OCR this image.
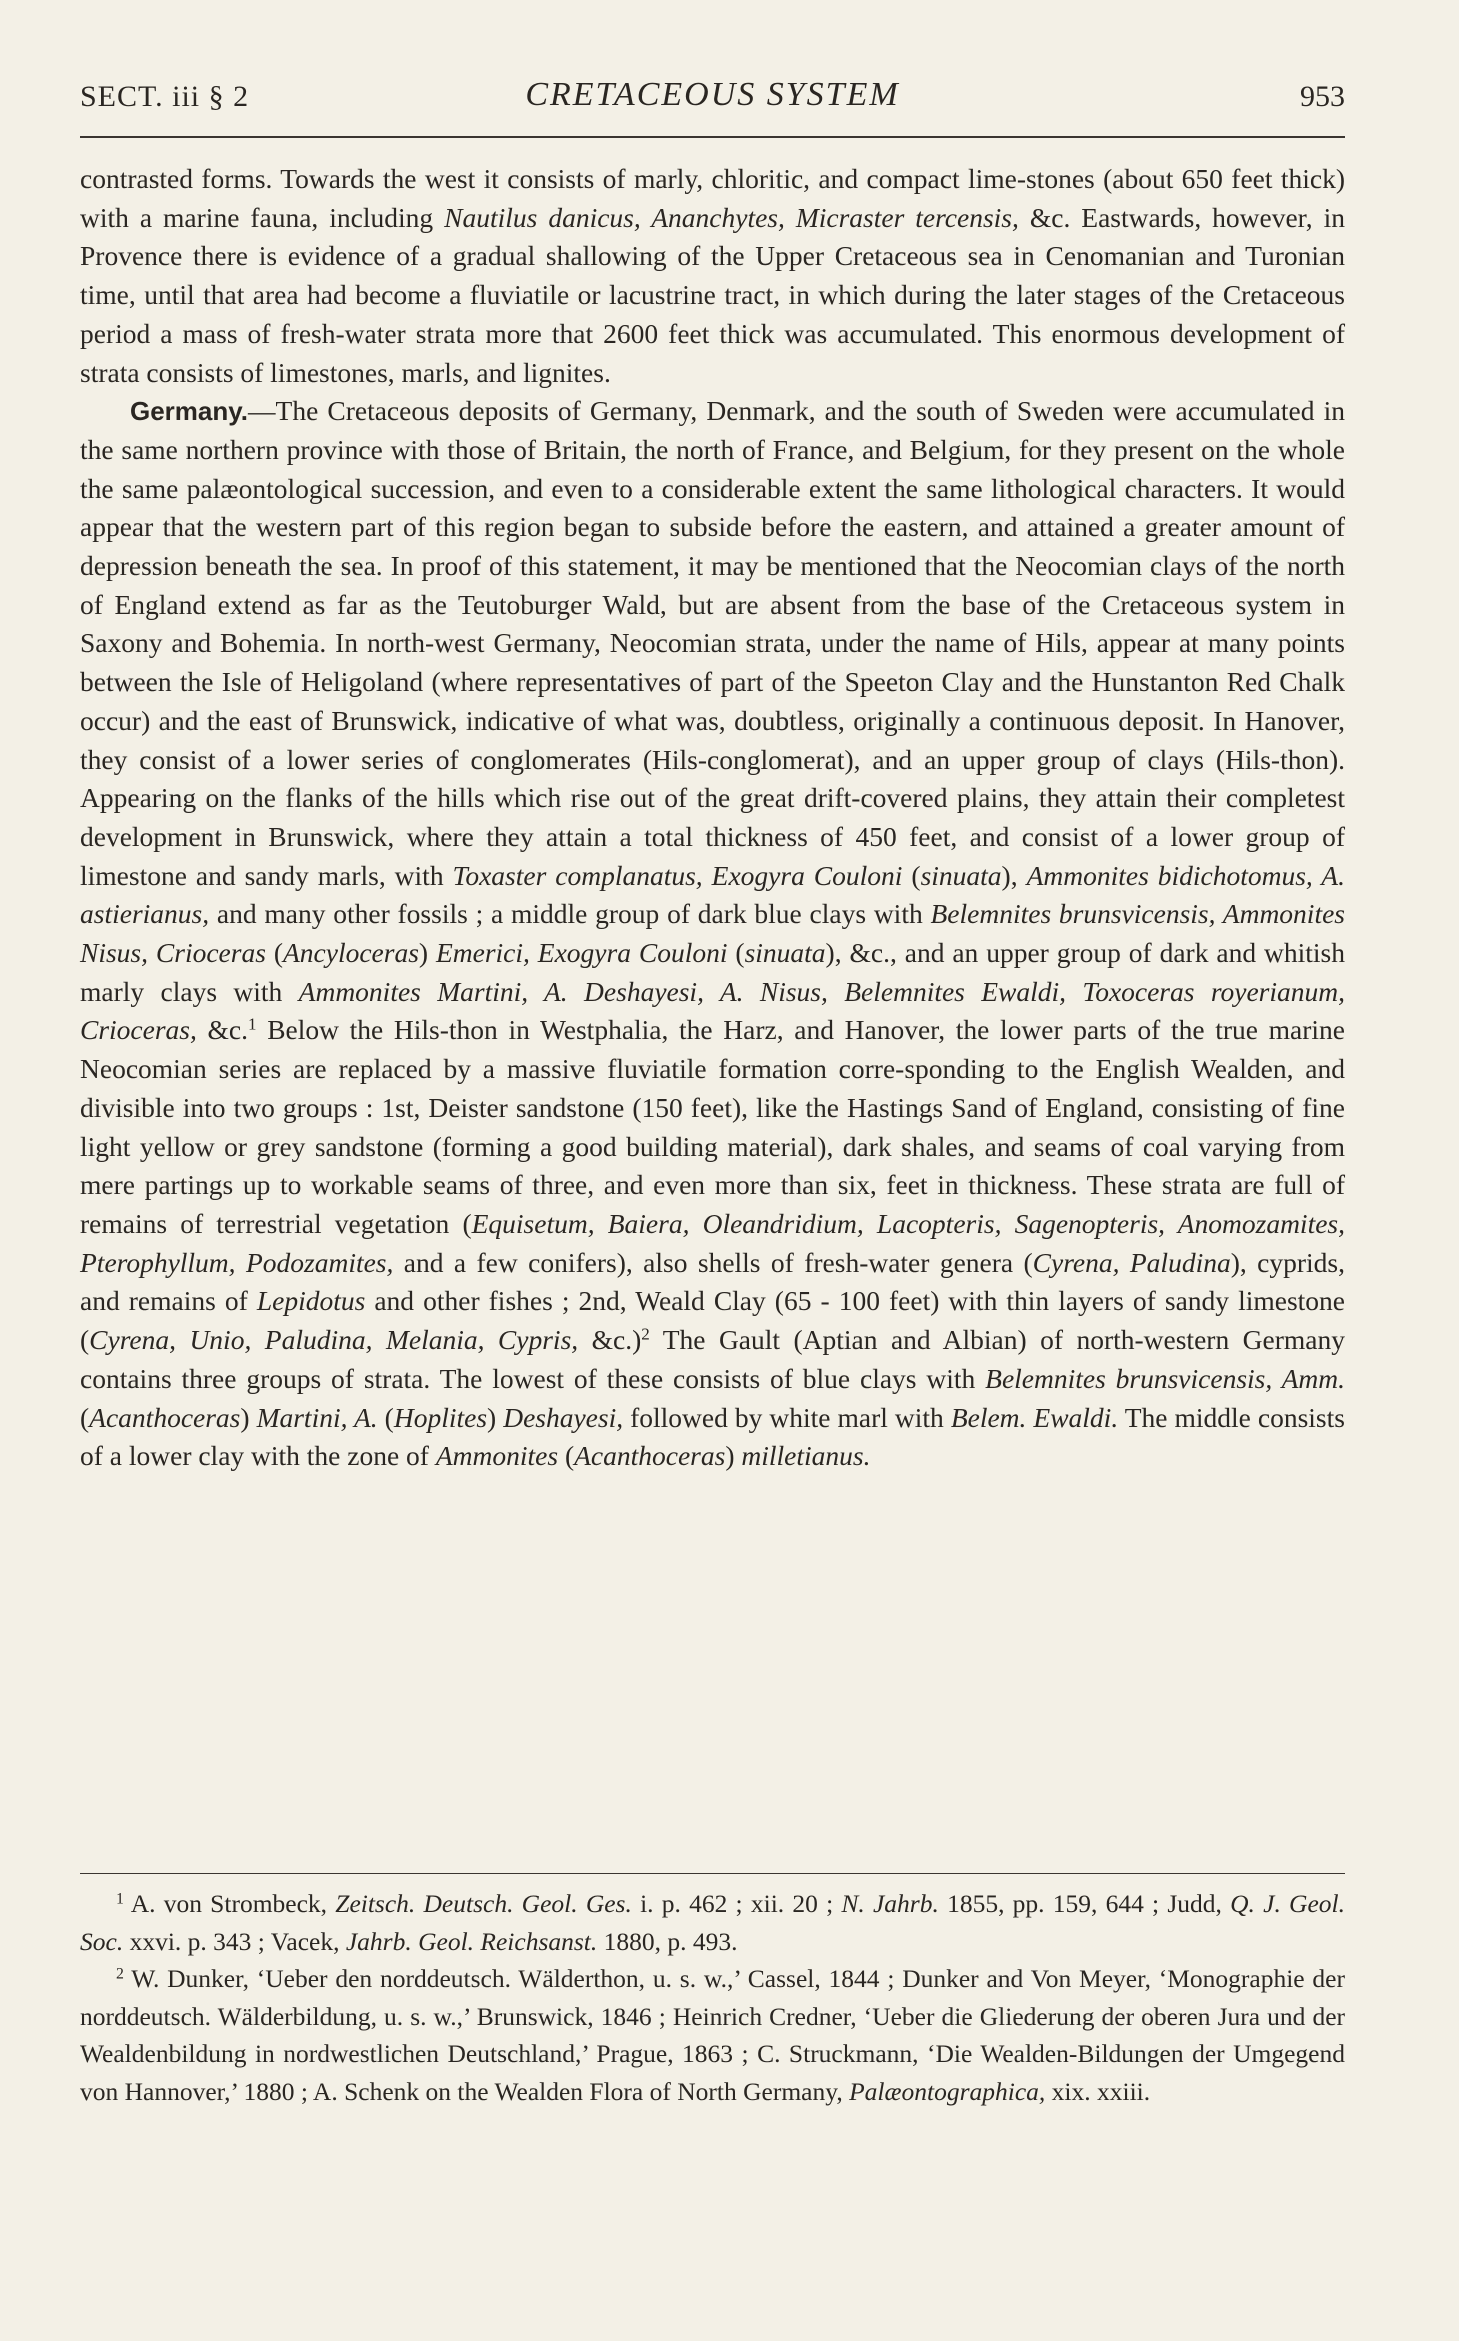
SECT. iii § 2	CRETACEOUS SYSTEM	953

contrasted forms. Towards the west it consists of marly, chloritic, and compact lime-stones (about 650 feet thick) with a marine fauna, including Nautilus danicus, Ananchytes, Micraster tercensis, &c. Eastwards, however, in Provence there is evidence of a gradual shallowing of the Upper Cretaceous sea in Cenomanian and Turonian time, until that area had become a fluviatile or lacustrine tract, in which during the later stages of the Cretaceous period a mass of fresh-water strata more that 2600 feet thick was accumulated. This enormous development of strata consists of limestones, marls, and lignites.

Germany.—The Cretaceous deposits of Germany, Denmark, and the south of Sweden were accumulated in the same northern province with those of Britain, the north of France, and Belgium, for they present on the whole the same palæontological succession, and even to a considerable extent the same lithological characters. It would appear that the western part of this region began to subside before the eastern, and attained a greater amount of depression beneath the sea. In proof of this statement, it may be mentioned that the Neocomian clays of the north of England extend as far as the Teutoburger Wald, but are absent from the base of the Cretaceous system in Saxony and Bohemia. In north-west Germany, Neocomian strata, under the name of Hils, appear at many points between the Isle of Heligoland (where representatives of part of the Speeton Clay and the Hunstanton Red Chalk occur) and the east of Brunswick, indicative of what was, doubtless, originally a continuous deposit. In Hanover, they consist of a lower series of conglomerates (Hils-conglomerat), and an upper group of clays (Hils-thon). Appearing on the flanks of the hills which rise out of the great drift-covered plains, they attain their completest development in Brunswick, where they attain a total thickness of 450 feet, and consist of a lower group of limestone and sandy marls, with Toxaster complanatus, Exogyra Couloni (sinuata), Ammonites bidichotomus, A. astierianus, and many other fossils ; a middle group of dark blue clays with Belemnites brunsvicensis, Ammonites Nisus, Crioceras (Ancyloceras) Emerici, Exogyra Couloni (sinuata), &c., and an upper group of dark and whitish marly clays with Ammonites Martini, A. Deshayesi, A. Nisus, Belemnites Ewaldi, Toxoceras royerianum, Crioceras, &c.$^1$ Below the Hils-thon in Westphalia, the Harz, and Hanover, the lower parts of the true marine Neocomian series are replaced by a massive fluviatile formation corre-sponding to the English Wealden, and divisible into two groups : 1st, Deister sandstone (150 feet), like the Hastings Sand of England, consisting of fine light yellow or grey sandstone (forming a good building material), dark shales, and seams of coal varying from mere partings up to workable seams of three, and even more than six, feet in thickness. These strata are full of remains of terrestrial vegetation (Equisetum, Baiera, Oleandridium, Lacopteris, Sagenopteris, Anomozamites, Pterophyllum, Podozamites, and a few conifers), also shells of fresh-water genera (Cyrena, Paludina), cyprids, and remains of Lepidotus and other fishes ; 2nd, Weald Clay (65 - 100 feet) with thin layers of sandy limestone (Cyrena, Unio, Paludina, Melania, Cypris, &c.)$^2$ The Gault (Aptian and Albian) of north-western Germany contains three groups of strata. The lowest of these consists of blue clays with Belemnites brunsvicensis, Amm. (Acanthoceras) Martini, A. (Hoplites) Deshayesi, followed by white marl with Belem. Ewaldi. The middle consists of a lower clay with the zone of Ammonites (Acanthoceras) milletianus.

$^1$ A. von Strombeck, Zeitsch. Deutsch. Geol. Ges. i. p. 462 ; xii. 20 ; N. Jahrb. 1855, pp. 159, 644 ; Judd, Q. J. Geol. Soc. xxvi. p. 343 ; Vacek, Jahrb. Geol. Reichsanst. 1880, p. 493.

$^2$ W. Dunker, ‘Ueber den norddeutsch. Wälderthon, u. s. w.,’ Cassel, 1844 ; Dunker and Von Meyer, ‘Monographie der norddeutsch. Wälderbildung, u. s. w.,’ Brunswick, 1846 ; Heinrich Credner, ‘Ueber die Gliederung der oberen Jura und der Wealdenbildung in nordwestlichen Deutschland,’ Prague, 1863 ; C. Struckmann, ‘Die Wealden-Bildungen der Umgegend von Hannover,’ 1880 ; A. Schenk on the Wealden Flora of North Germany, Palæontographica, xix. xxiii.
